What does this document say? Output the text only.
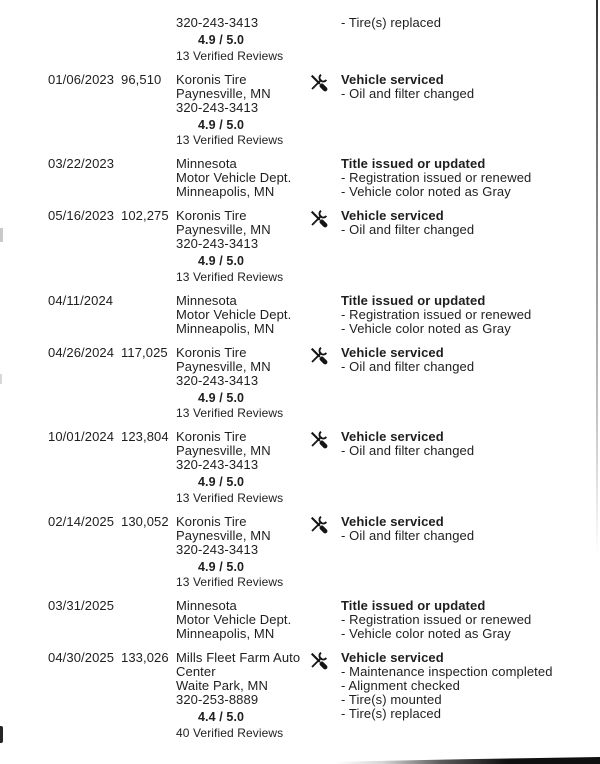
320-243-3413
4.9 / 5.0
13 Verified Reviews
- Tire(s) replaced
01/06/2023 96,510	Koronis Tire
Paynesville, MN
320-243-3413
4.9 / 5.0
13 Verified Reviews
Vehicle serviced
- Oil and filter changed
03/22/2023	Minnesota
Motor Vehicle Dept.
Minneapolis, MN
Title issued or updated
- Registration issued or renewed
- Vehicle color noted as Gray
05/16/2023 102,275 Koronis Tire
Paynesville, MN
320-243-3413
4.9 / 5.0
13 Verified Reviews
Vehicle serviced
- Oil and filter changed
04/11/2024	Minnesota
Motor Vehicle Dept.
Minneapolis, MN
Title issued or updated
- Registration issued or renewed
- Vehicle color noted as Gray
04/26/2024 117,025 Koronis Tire
Paynesville, MN
320-243-3413
4.9 / 5.0
13 Verified Reviews
Vehicle serviced
- Oil and filter changed
10/01/2024 123,804 Koronis Tire
Paynesville, MN
320-243-3413
4.9 / 5.0
13 Verified Reviews
Vehicle serviced
- Oil and filter changed
02/14/2025 130,052 Koronis Tire
Paynesville, MN
320-243-3413
4.9 / 5.0
13 Verified Reviews
Vehicle serviced
- Oil and filter changed
03/31/2025	Minnesota
Motor Vehicle Dept.
Minneapolis, MN
Title issued or updated
- Registration issued or renewed
- Vehicle color noted as Gray
04/30/2025 133,026 Mills Fleet Farm Auto
Center
Waite Park, MN
320-253-8889
4.4 / 5.0
40 Verified Reviews
Vehicle serviced
- Maintenance inspection completed
- Alignment checked
- Tire(s) mounted
- Tire(s) replaced
